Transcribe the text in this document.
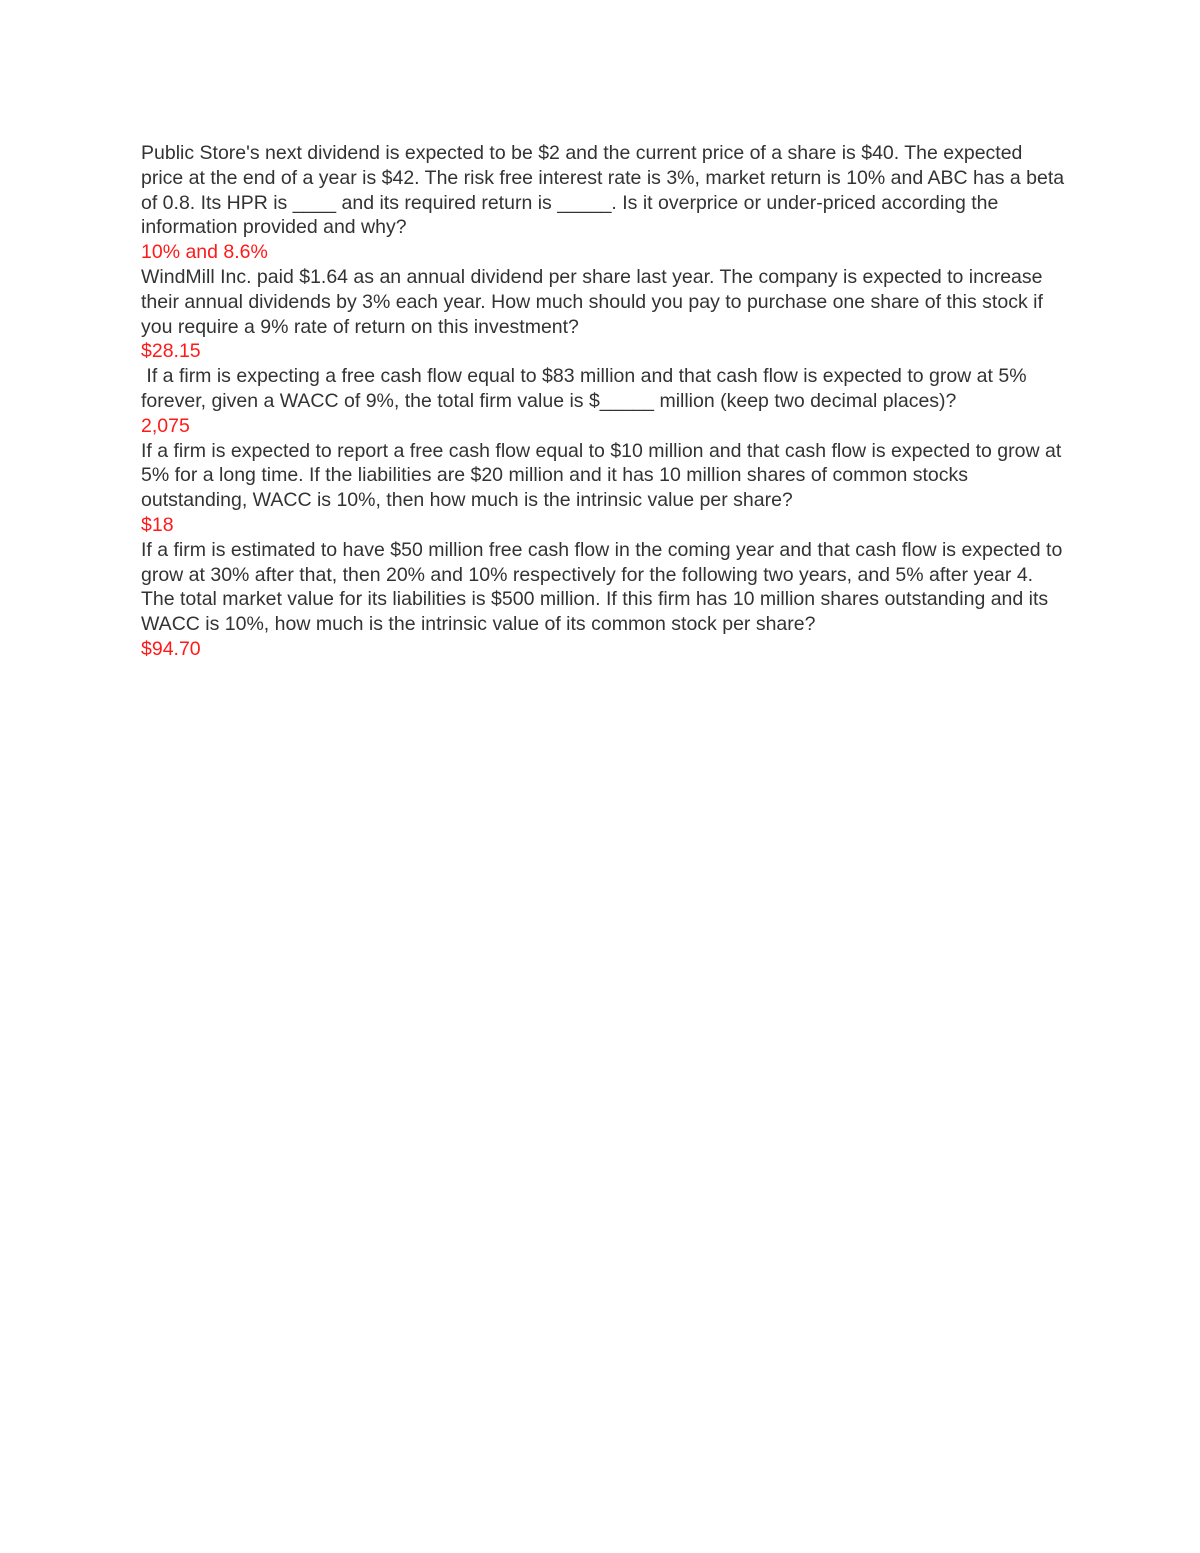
Public Store's next dividend is expected to be $2 and the current price of a share is $40. The expected price at the end of a year is $42. The risk free interest rate is 3%, market return is 10% and ABC has a beta of 0.8. Its HPR is ____ and its required return is _____. Is it overprice or under-priced according the information provided and why?

10% and 8.6%

WindMill Inc. paid $1.64 as an annual dividend per share last year. The company is expected to increase their annual dividends by 3% each year. How much should you pay to purchase one share of this stock if you require a 9% rate of return on this investment?

$28.15

If a firm is expecting a free cash flow equal to $83 million and that cash flow is expected to grow at 5% forever, given a WACC of 9%, the total firm value is $_____ million (keep two decimal places)?

2,075

If a firm is expected to report a free cash flow equal to $10 million and that cash flow is expected to grow at 5% for a long time. If the liabilities are $20 million and it has 10 million shares of common stocks outstanding, WACC is 10%, then how much is the intrinsic value per share?

$18

If a firm is estimated to have $50 million free cash flow in the coming year and that cash flow is expected to grow at 30% after that, then 20% and 10% respectively for the following two years, and 5% after year 4. The total market value for its liabilities is $500 million. If this firm has 10 million shares outstanding and its WACC is 10%, how much is the intrinsic value of its common stock per share?

$94.70
